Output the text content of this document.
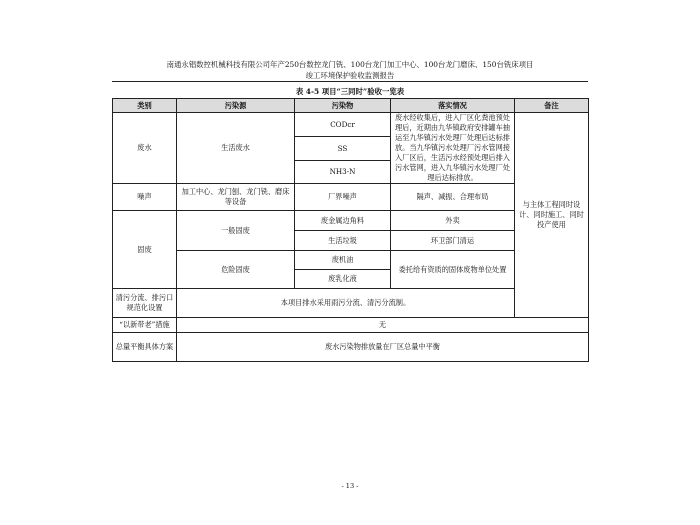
南通永锠数控机械科技有限公司年产250台数控龙门铣、100台龙门加工中心、100台龙门磨床、150台铣床项目
竣工环境保护验收监测报告
表 4-5 项目“三同时”验收一览表
类别	污染源	污染物	落实情况	备注
废水	生活废水	CODcr	废水经收集后，进入厂区化粪池预处理后，近期由九华镇政府安排罐车抽运至九华镇污水处理厂处理后达标排放。当九华镇污水处理厂污水管网接入厂区后，生活污水经预处理后排入污水管网，进入九华镇污水处理厂处理后达标排放。	与主体工程同时设计、同时施工、同时投产使用
		SS		
		NH3-N		
噪声	加工中心、龙门刨、龙门铣、磨床等设备	厂界噪声	隔声、减振、合理布局	
固废	一般固废	废金属边角料	外卖	
		生活垃圾	环卫部门清运	
	危险固废	废机油	委托给有资质的固体废物单位处置	
		废乳化液		
清污分流、排污口规范化设置	本项目排水采用雨污分流、清污分流制。			
“以新带老”措施	无			
总量平衡具体方案	废水污染物排放量在厂区总量中平衡			
- 13 -
